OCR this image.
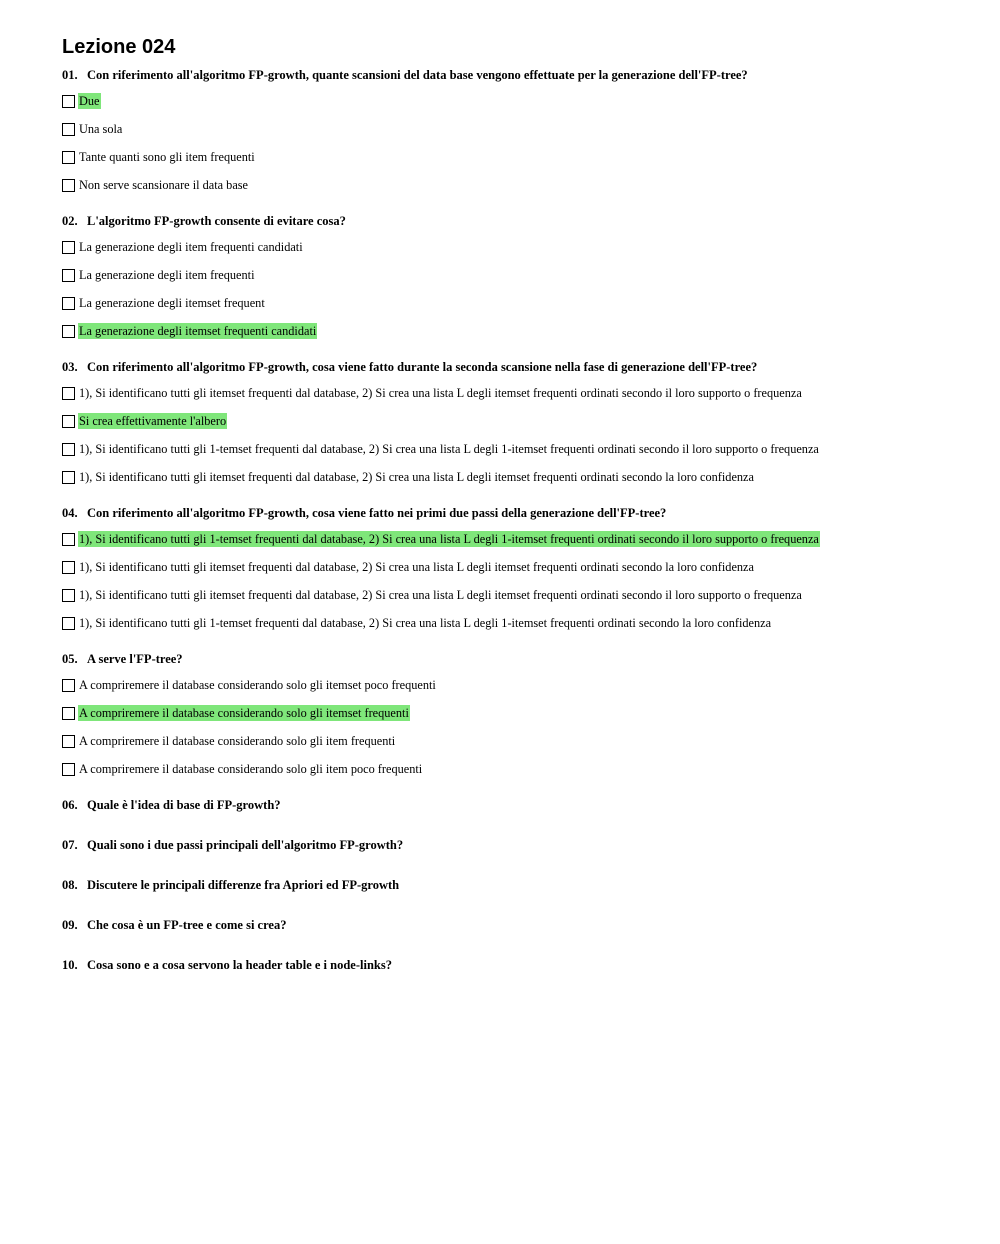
Lezione 024
01. Con riferimento all'algoritmo FP-growth, quante scansioni del data base vengono effettuate per la generazione dell'FP-tree?
Due
Una sola
Tante quanti sono gli item frequenti
Non serve scansionare il data base
02. L'algoritmo FP-growth consente di evitare cosa?
La generazione degli item frequenti candidati
La generazione degli item frequenti
La generazione degli itemset frequent
La generazione degli itemset frequenti candidati
03. Con riferimento all'algoritmo FP-growth, cosa viene fatto durante la seconda scansione nella fase di generazione dell'FP-tree?
1), Si identificano tutti gli itemset frequenti dal database, 2) Si crea una lista L degli itemset frequenti ordinati secondo il loro supporto o frequenza
Si crea effettivamente l'albero
1), Si identificano tutti gli 1-temset frequenti dal database, 2) Si crea una lista L degli 1-itemset frequenti ordinati secondo il loro supporto o frequenza
1), Si identificano tutti gli itemset frequenti dal database, 2) Si crea una lista L degli itemset frequenti ordinati secondo la loro confidenza
04. Con riferimento all'algoritmo FP-growth, cosa viene fatto nei primi due passi della generazione dell'FP-tree?
1), Si identificano tutti gli 1-temset frequenti dal database, 2) Si crea una lista L degli 1-itemset frequenti ordinati secondo il loro supporto o frequenza
1), Si identificano tutti gli itemset frequenti dal database, 2) Si crea una lista L degli itemset frequenti ordinati secondo la loro confidenza
1), Si identificano tutti gli itemset frequenti dal database, 2) Si crea una lista L degli itemset frequenti ordinati secondo il loro supporto o frequenza
1), Si identificano tutti gli 1-temset frequenti dal database, 2) Si crea una lista L degli 1-itemset frequenti ordinati secondo la loro confidenza
05. A serve l'FP-tree?
A compriremere il database considerando solo gli itemset poco frequenti
A compriremere il database considerando solo gli itemset frequenti
A compriremere il database considerando solo gli item frequenti
A compriremere il database considerando solo gli item poco frequenti
06. Quale è l'idea di base di FP-growth?
07. Quali sono i due passi principali dell'algoritmo FP-growth?
08. Discutere le principali differenze fra Apriori ed FP-growth
09. Che cosa è un FP-tree e come si crea?
10. Cosa sono e a cosa servono la header table e i node-links?
